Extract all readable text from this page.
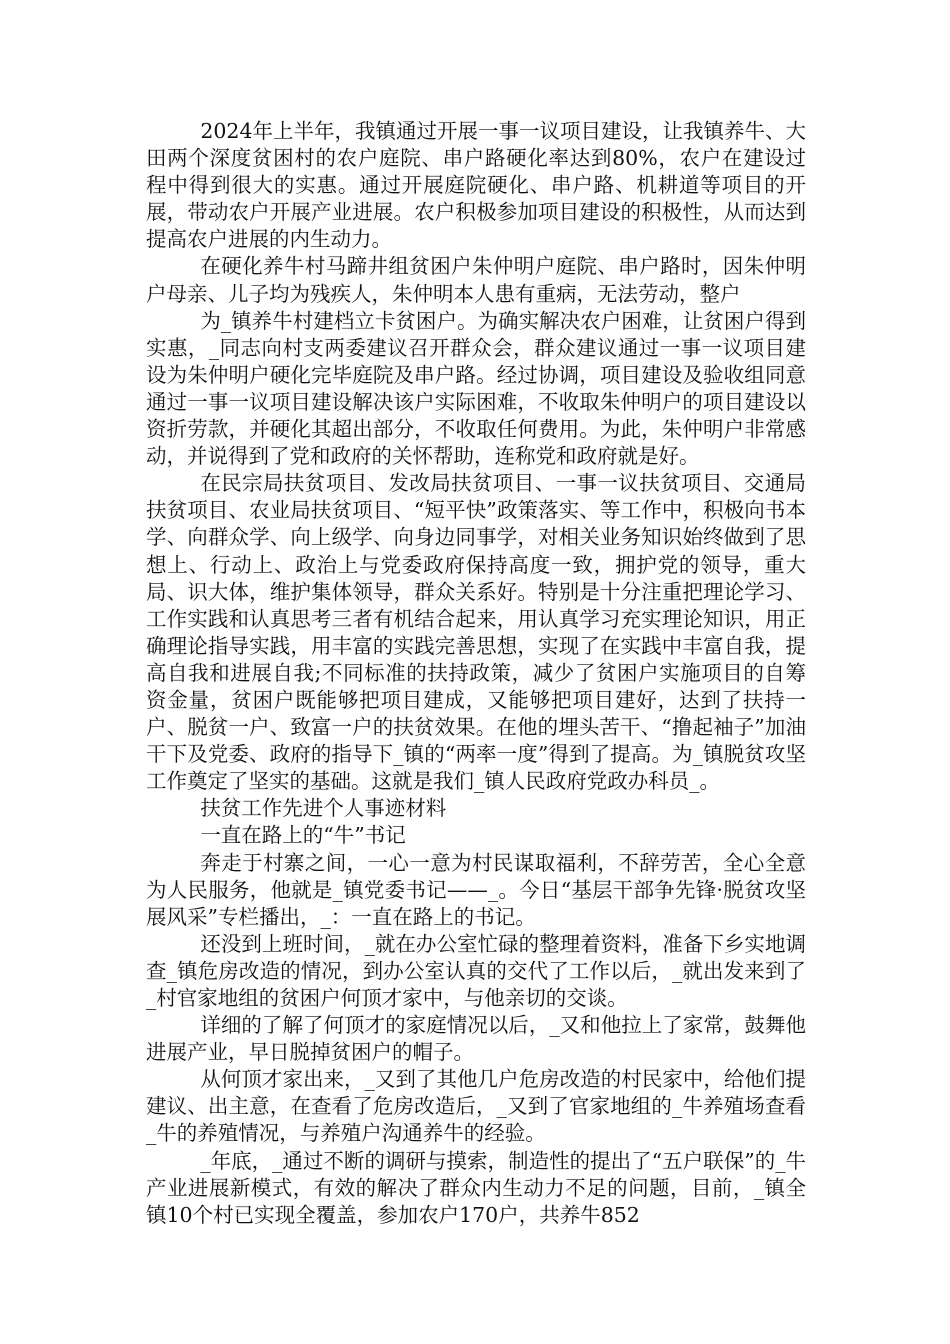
2024年上半年，我镇通过开展一事一议项目建设，让我镇养牛、大田两个深度贫困村的农户庭院、串户路硬化率达到80%，农户在建设过程中得到很大的实惠。通过开展庭院硬化、串户路、机耕道等项目的开展，带动农户开展产业进展。农户积极参加项目建设的积极性，从而达到提高农户进展的内生动力。

在硬化养牛村马蹄井组贫困户朱仲明户庭院、串户路时，因朱仲明户母亲、儿子均为残疾人，朱仲明本人患有重病，无法劳动，整户

为_镇养牛村建档立卡贫困户。为确实解决农户困难，让贫困户得到实惠，_同志向村支两委建议召开群众会，群众建议通过一事一议项目建设为朱仲明户硬化完毕庭院及串户路。经过协调，项目建设及验收组同意通过一事一议项目建设解决该户实际困难，不收取朱仲明户的项目建设以资折劳款，并硬化其超出部分，不收取任何费用。为此，朱仲明户非常感动，并说得到了党和政府的关怀帮助，连称党和政府就是好。

在民宗局扶贫项目、发改局扶贫项目、一事一议扶贫项目、交通局扶贫项目、农业局扶贫项目、“短平快”政策落实、等工作中，积极向书本学、向群众学、向上级学、向身边同事学，对相关业务知识始终做到了思想上、行动上、政治上与党委政府保持高度一致，拥护党的领导，重大局、识大体，维护集体领导，群众关系好。特别是十分注重把理论学习、工作实践和认真思考三者有机结合起来，用认真学习充实理论知识，用正确理论指导实践，用丰富的实践完善思想，实现了在实践中丰富自我，提高自我和进展自我;不同标准的扶持政策，减少了贫困户实施项目的自筹资金量，贫困户既能够把项目建成，又能够把项目建好，达到了扶持一户、脱贫一户、致富一户的扶贫效果。在他的埋头苦干、“撸起袖子”加油干下及党委、政府的指导下_镇的“两率一度”得到了提高。为_镇脱贫攻坚工作奠定了坚实的基础。这就是我们_镇人民政府党政办科员_。

扶贫工作先进个人事迹材料

一直在路上的“牛”书记

奔走于村寨之间，一心一意为村民谋取福利，不辞劳苦，全心全意为人民服务，他就是_镇党委书记——_。今日“基层干部争先锋·脱贫攻坚展风采”专栏播出，_：一直在路上的书记。

还没到上班时间，_就在办公室忙碌的整理着资料，准备下乡实地调查_镇危房改造的情况，到办公室认真的交代了工作以后，_就出发来到了_村官家地组的贫困户何顶才家中，与他亲切的交谈。

详细的了解了何顶才的家庭情况以后，_又和他拉上了家常，鼓舞他进展产业，早日脱掉贫困户的帽子。

从何顶才家出来，_又到了其他几户危房改造的村民家中，给他们提建议、出主意，在查看了危房改造后，_又到了官家地组的_牛养殖场查看_牛的养殖情况，与养殖户沟通养牛的经验。

_年底，_通过不断的调研与摸索，制造性的提出了“五户联保”的_牛产业进展新模式，有效的解决了群众内生动力不足的问题，目前，_镇全镇10个村已实现全覆盖，参加农户170户，共养牛852
